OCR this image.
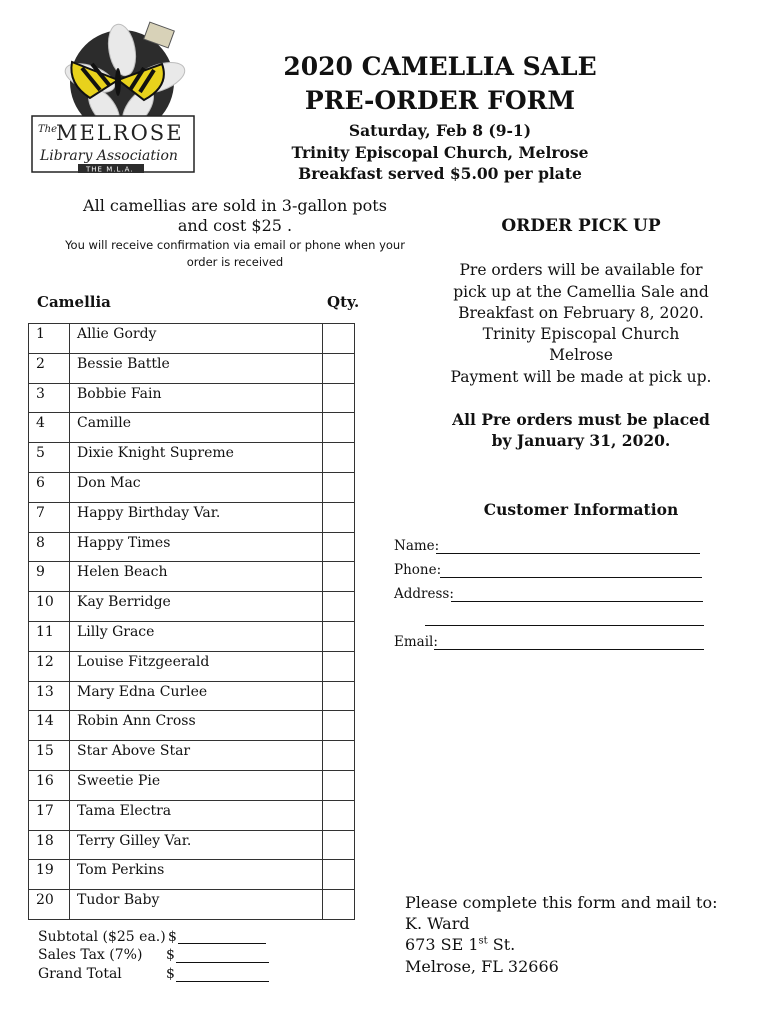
The
MELROSE
Library Association
THE M.L.A.
2020 CAMELLIA SALE
PRE-ORDER FORM
Saturday, Feb 8 (9-1)
Trinity Episcopal Church, Melrose
Breakfast served $5.00 per plate
All camellias are sold in 3-gallon pots
and cost $25 .
You will receive confirmation via email or phone when your
order is received
Camellia	Qty.
1	Allie Gordy	
2	Bessie Battle	
3	Bobbie Fain	
4	Camille	
5	Dixie Knight Supreme	
6	Don Mac	
7	Happy Birthday Var.	
8	Happy Times	
9	Helen Beach	
10	Kay Berridge	
11	Lilly Grace	
12	Louise Fitzgeerald	
13	Mary Edna Curlee	
14	Robin Ann Cross	
15	Star Above Star	
16	Sweetie Pie	
17	Tama Electra	
18	Terry Gilley Var.	
19	Tom Perkins	
20	Tudor Baby	
Subtotal ($25 ea.) $
Sales Tax (7%) $
Grand Total	$
ORDER PICK UP
Pre orders will be available for
pick up at the Camellia Sale and
Breakfast on February 8, 2020.
Trinity Episcopal Church
Melrose
Payment will be made at pick up.
All Pre orders must be placed
by January 31, 2020.
Customer Information
Name:
Phone:
Address:
Email:
Please complete this form and mail to:
K. Ward
673 SE 1st St.
Melrose, FL 32666
